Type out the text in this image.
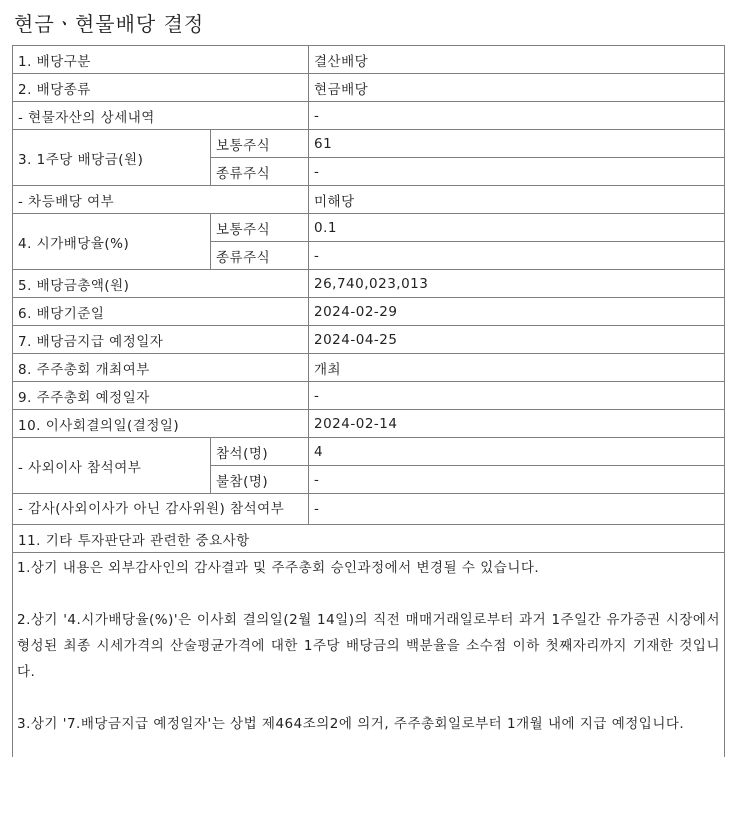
현금ㆍ현물배당 결정
1. 배당구분		결산배당
2. 배당종류		현금배당
- 현물자산의 상세내역		-
3. 1주당 배당금(원)	보통주식	61
	종류주식	-
- 차등배당 여부		미해당
4. 시가배당율(%)	보통주식	0.1
	종류주식	-
5. 배당금총액(원)		26,740,023,013
6. 배당기준일		2024-02-29
7. 배당금지급 예정일자		2024-04-25
8. 주주총회 개최여부		개최
9. 주주총회 예정일자		-
10. 이사회결의일(결정일)		2024-02-14
- 사외이사 참석여부	참석(명)	4
	불참(명)	-
- 감사(사외이사가 아닌 감사위원) 참석여부		-
11. 기타 투자판단과 관련한 중요사항		

1.상기 내용은 외부감사인의 감사결과 및 주주총회 승인과정에서 변경될 수 있습니다.

2.상기 '4.시가배당율(%)'은 이사회 결의일(2월 14일)의 직전 매매거래일로부터 과거 1주일간 유가증권 시장에서 형성된 최종 시세가격의 산술평균가격에 대한 1주당 배당금의 백분율을 소수점 이하 첫째자리까지 기재한 것입니다.

3.상기 '7.배당금지급 예정일자'는 상법 제464조의2에 의거, 주주총회일로부터 1개월 내에 지급 예정입니다.		
